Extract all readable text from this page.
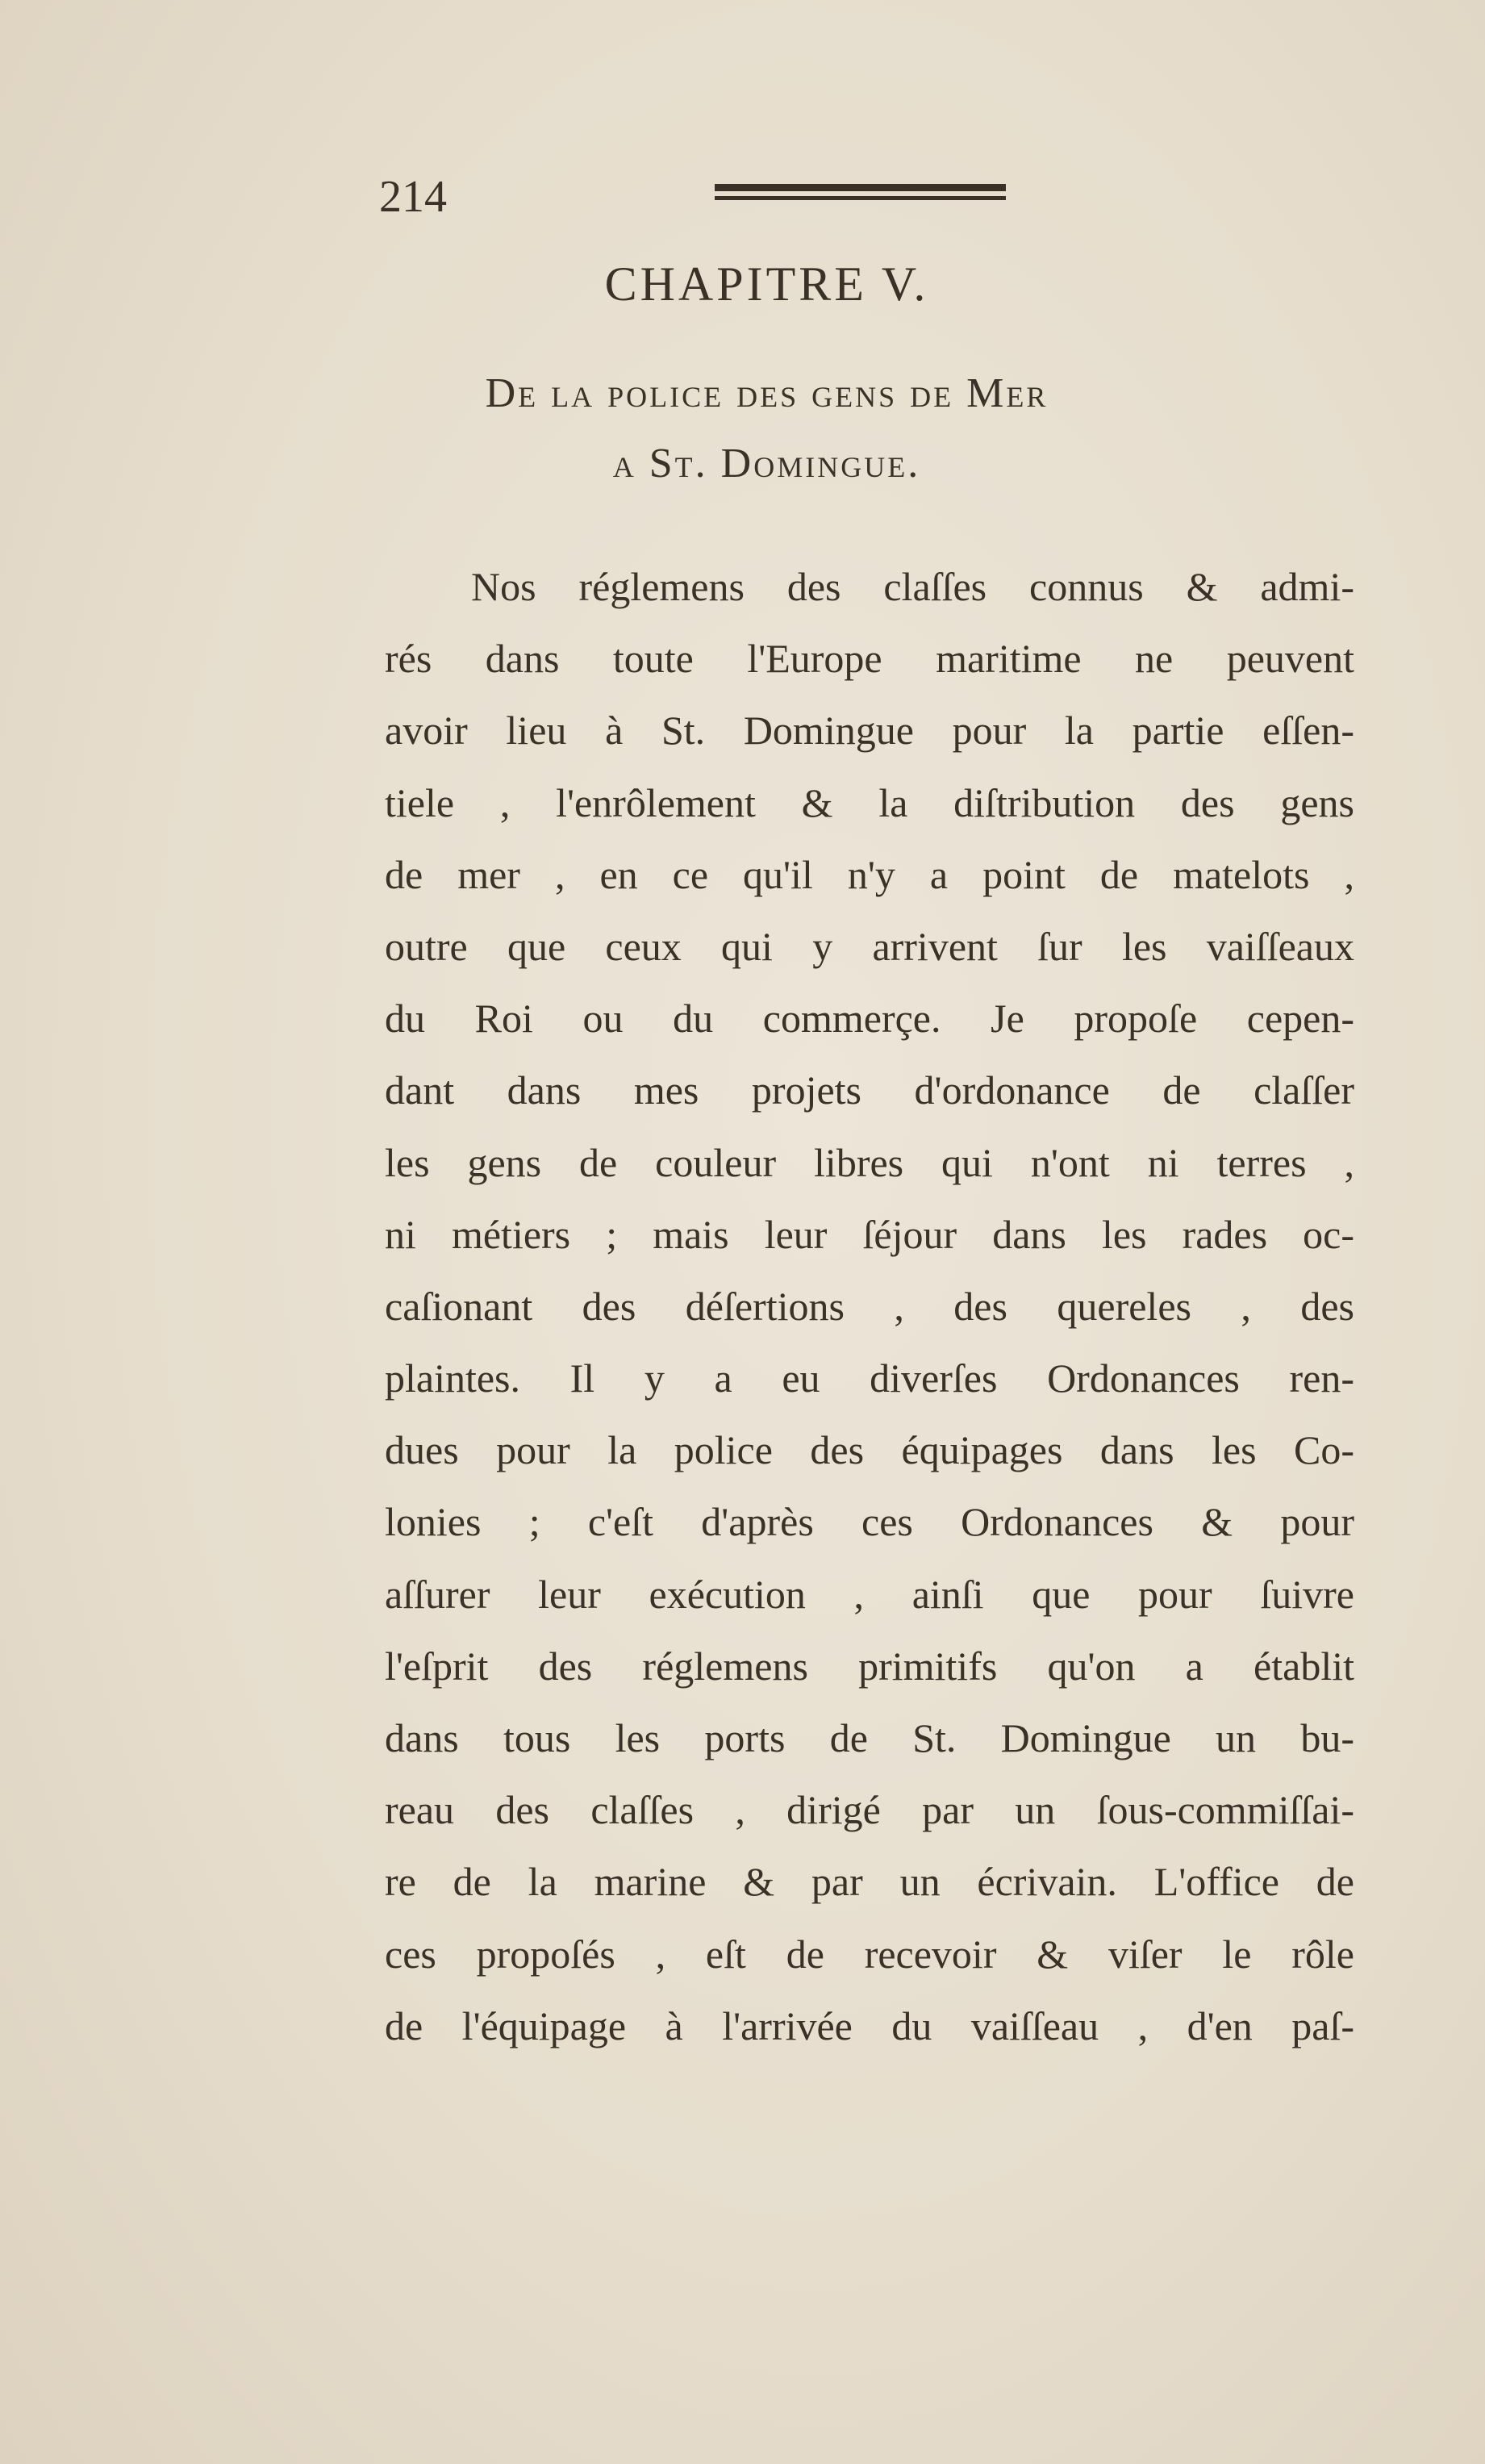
214
CHAPITRE V.
De la police des gens de Mer
a St. Domingue.
Nos réglemens des claſſes connus & admi-
rés dans toute l'Europe maritime ne peuvent
avoir lieu à St. Domingue pour la partie eſſen-
tiele , l'enrôlement & la diſtribution des gens
de mer , en ce qu'il n'y a point de matelots ,
outre que ceux qui y arrivent ſur les vaiſſeaux
du Roi ou du commerçe. Je propoſe cepen-
dant dans mes projets d'ordonance de claſſer
les gens de couleur libres qui n'ont ni terres ,
ni métiers ; mais leur ſéjour dans les rades oc-
caſionant des déſertions , des quereles , des
plaintes. Il y a eu diverſes Ordonances ren-
dues pour la police des équipages dans les Co-
lonies ; c'eſt d'après ces Ordonances & pour
aſſurer leur exécution , ainſi que pour ſuivre
l'eſprit des réglemens primitifs qu'on a établit
dans tous les ports de St. Domingue un bu-
reau des claſſes , dirigé par un ſous-commiſſai-
re de la marine & par un écrivain. L'office de
ces propoſés , eſt de recevoir & viſer le rôle
de l'équipage à l'arrivée du vaiſſeau , d'en paſ-
